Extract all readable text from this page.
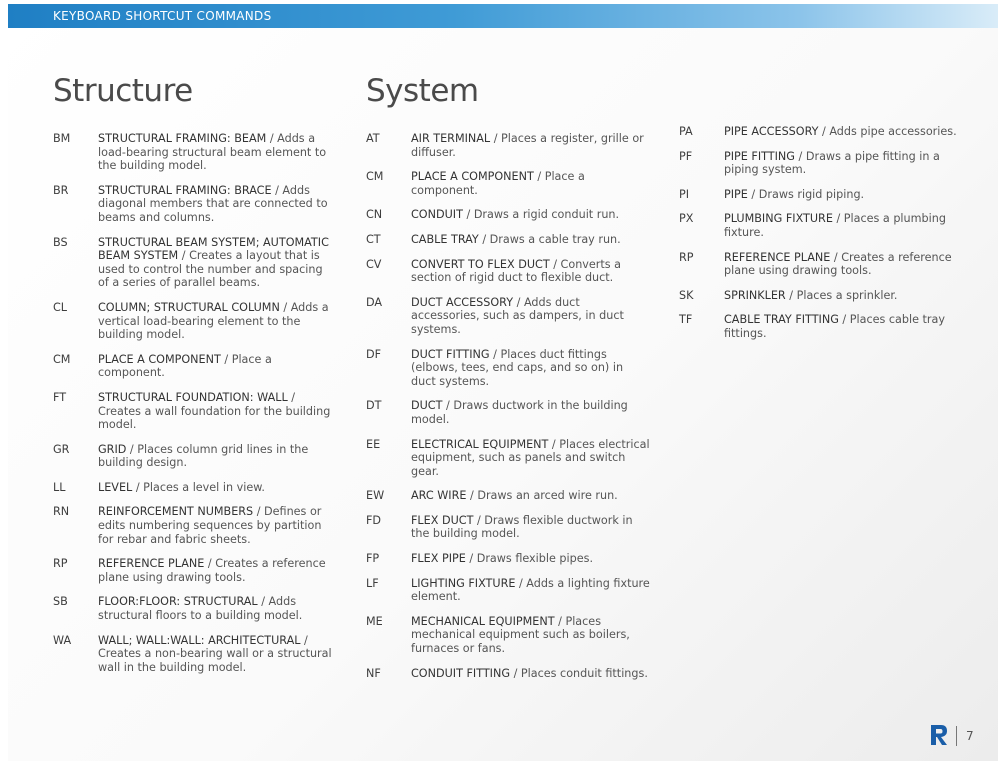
KEYBOARD SHORTCUT COMMANDS
Structure
BM	STRUCTURAL FRAMING: BEAM / Adds a load-bearing structural beam element to the building model.
BR	STRUCTURAL FRAMING: BRACE / Adds diagonal members that are connected to beams and columns.
BS	STRUCTURAL BEAM SYSTEM; AUTOMATIC BEAM SYSTEM / Creates a layout that is used to control the number and spacing of a series of parallel beams.
CL	COLUMN; STRUCTURAL COLUMN / Adds a vertical load-bearing element to the building model.
CM	PLACE A COMPONENT / Place a component.
FT	STRUCTURAL FOUNDATION: WALL / Creates a wall foundation for the building model.
GR	GRID / Places column grid lines in the building design.
LL	LEVEL / Places a level in view.
RN	REINFORCEMENT NUMBERS / Defines or edits numbering sequences by partition for rebar and fabric sheets.
RP	REFERENCE PLANE / Creates a reference plane using drawing tools.
SB	FLOOR:FLOOR: STRUCTURAL / Adds structural floors to a building model.
WA	WALL; WALL:WALL: ARCHITECTURAL / Creates a non-bearing wall or a structural wall in the building model.
System
AT	AIR TERMINAL / Places a register, grille or diffuser.
CM	PLACE A COMPONENT / Place a component.
CN	CONDUIT / Draws a rigid conduit run.
CT	CABLE TRAY / Draws a cable tray run.
CV	CONVERT TO FLEX DUCT / Converts a section of rigid duct to flexible duct.
DA	DUCT ACCESSORY / Adds duct accessories, such as dampers, in duct systems.
DF	DUCT FITTING / Places duct fittings (elbows, tees, end caps, and so on) in duct systems.
DT	DUCT / Draws ductwork in the building model.
EE	ELECTRICAL EQUIPMENT / Places electrical equipment, such as panels and switch gear.
EW	ARC WIRE / Draws an arced wire run.
FD	FLEX DUCT / Draws flexible ductwork in the building model.
FP	FLEX PIPE / Draws flexible pipes.
LF	LIGHTING FIXTURE / Adds a lighting fixture element.
ME	MECHANICAL EQUIPMENT / Places mechanical equipment such as boilers, furnaces or fans.
NF	CONDUIT FITTING / Places conduit fittings.
PA	PIPE ACCESSORY / Adds pipe accessories.
PF	PIPE FITTING / Draws a pipe fitting in a piping system.
PI	PIPE / Draws rigid piping.
PX	PLUMBING FIXTURE / Places a plumbing fixture.
RP	REFERENCE PLANE / Creates a reference plane using drawing tools.
SK	SPRINKLER / Places a sprinkler.
TF	CABLE TRAY FITTING / Places cable tray fittings.
7
